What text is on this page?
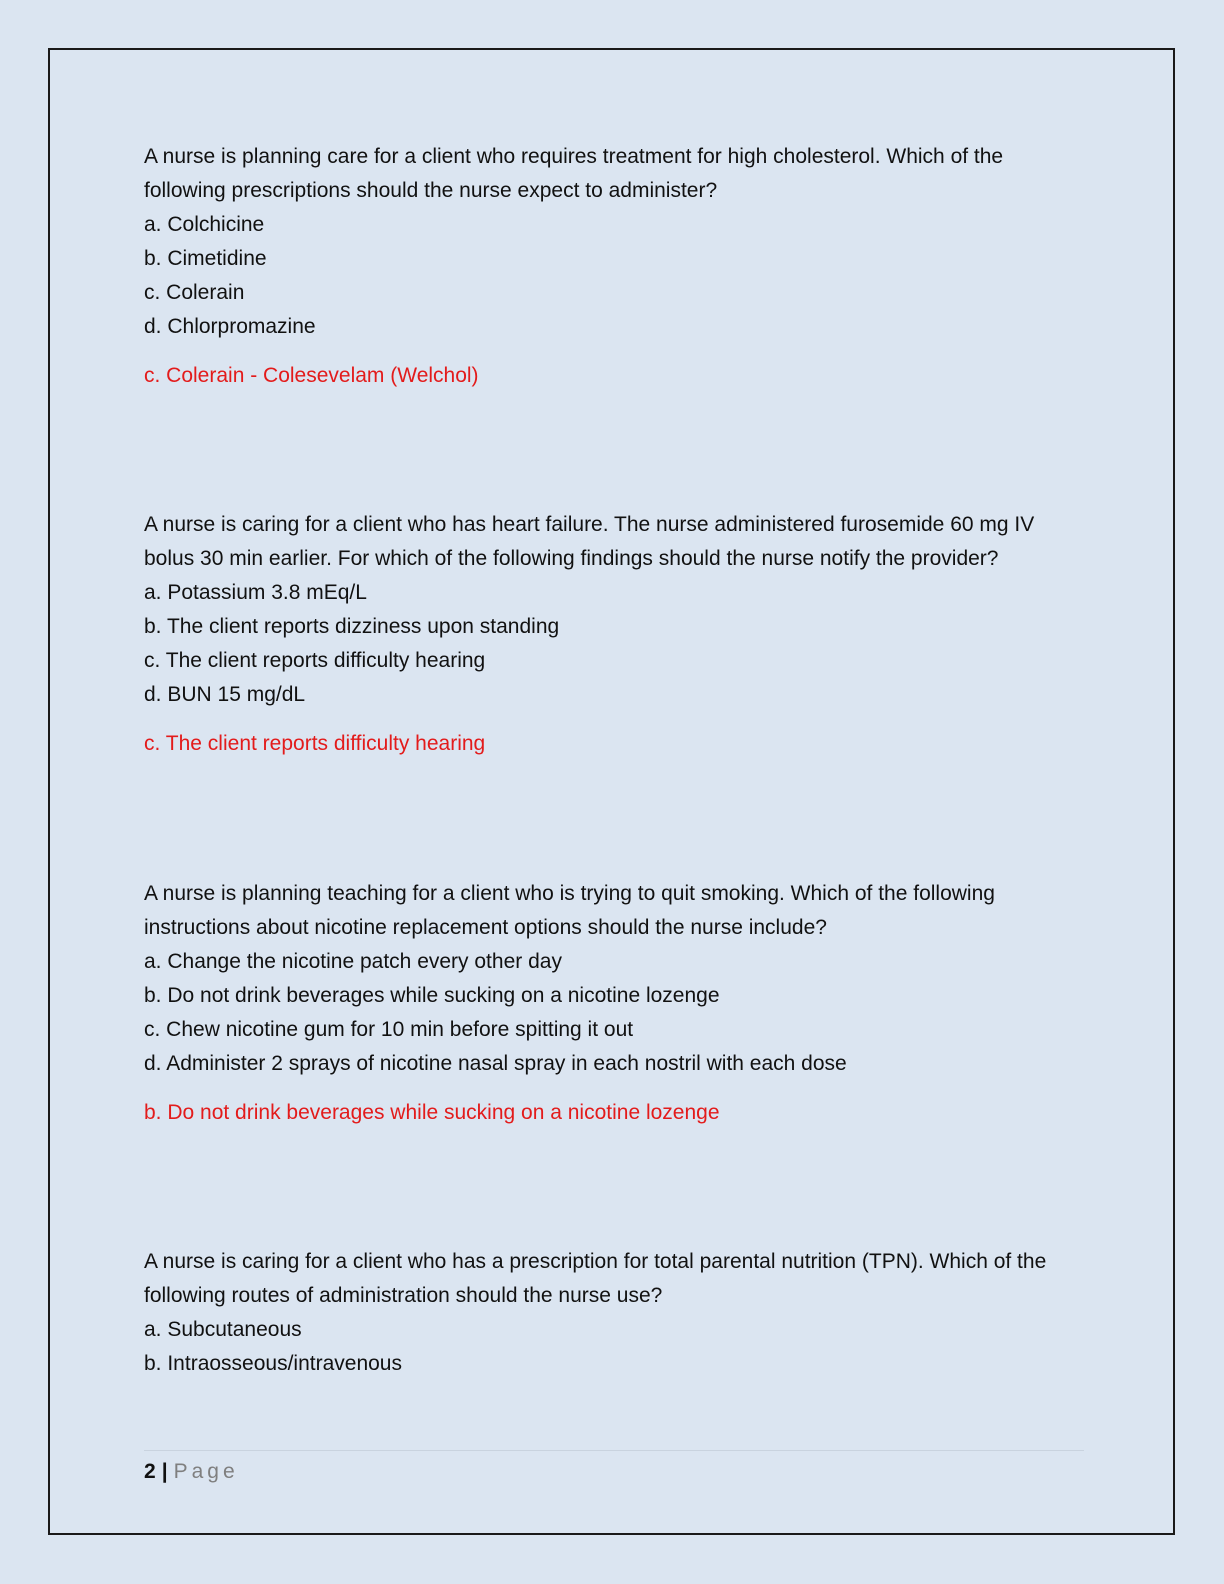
A nurse is planning care for a client who requires treatment for high cholesterol. Which of the following prescriptions should the nurse expect to administer?

a. Colchicine

b. Cimetidine

c. Colerain

d. Chlorpromazine

c. Colerain - Colesevelam (Welchol)

A nurse is caring for a client who has heart failure. The nurse administered furosemide 60 mg IV bolus 30 min earlier. For which of the following findings should the nurse notify the provider?

a. Potassium 3.8 mEq/L

b. The client reports dizziness upon standing

c. The client reports difficulty hearing

d. BUN 15 mg/dL

c. The client reports difficulty hearing

A nurse is planning teaching for a client who is trying to quit smoking. Which of the following instructions about nicotine replacement options should the nurse include?

a. Change the nicotine patch every other day

b. Do not drink beverages while sucking on a nicotine lozenge

c. Chew nicotine gum for 10 min before spitting it out

d. Administer 2 sprays of nicotine nasal spray in each nostril with each dose

b. Do not drink beverages while sucking on a nicotine lozenge

A nurse is caring for a client who has a prescription for total parental nutrition (TPN). Which of the following routes of administration should the nurse use?

a. Subcutaneous

b. Intraosseous/intravenous

2 | Page
